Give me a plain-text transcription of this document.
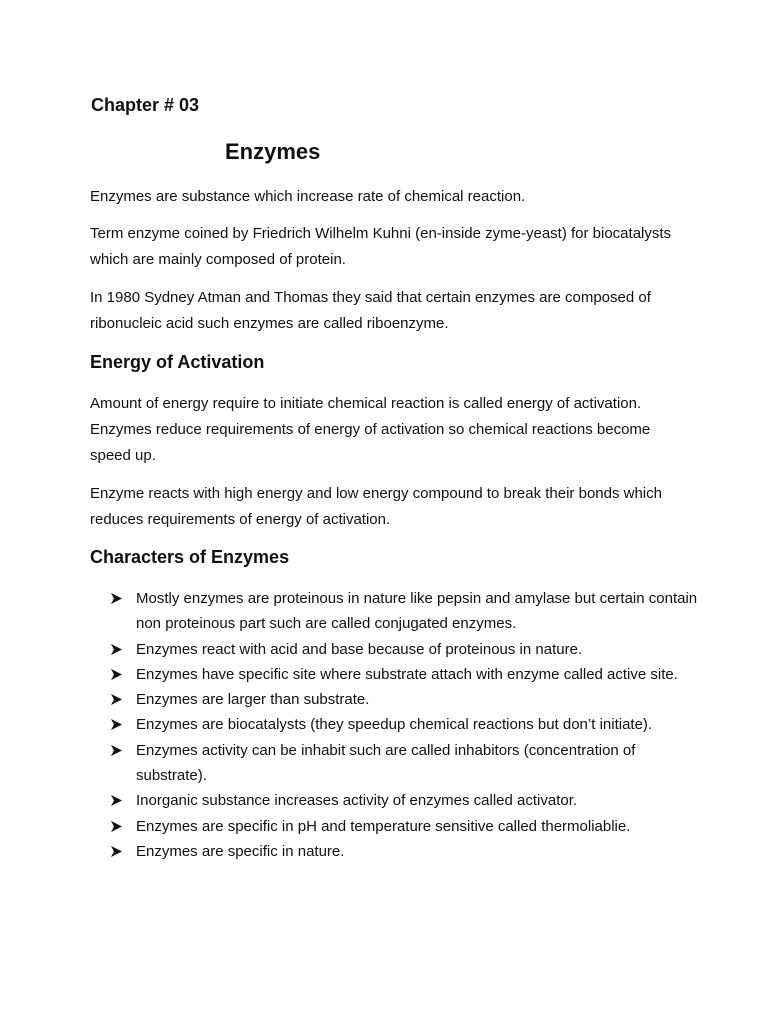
Chapter # 03
Enzymes

Enzymes are substance which increase rate of chemical reaction.

Term enzyme coined by Friedrich Wilhelm Kuhni (en-inside zyme-yeast) for biocatalysts which are mainly composed of protein.

In 1980 Sydney Atman and Thomas they said that certain enzymes are composed of ribonucleic acid such enzymes are called riboenzyme.

Energy of Activation

Amount of energy require to initiate chemical reaction is called energy of activation. Enzymes reduce requirements of energy of activation so chemical reactions become speed up.

Enzyme reacts with high energy and low energy compound to break their bonds which reduces requirements of energy of activation.

Characters of Enzymes
Mostly enzymes are proteinous in nature like pepsin and amylase but certain contain non proteinous part such are called conjugated enzymes.
Enzymes react with acid and base because of proteinous in nature.
Enzymes have specific site where substrate attach with enzyme called active site.
Enzymes are larger than substrate.
Enzymes are biocatalysts (they speedup chemical reactions but don’t initiate).
Enzymes activity can be inhabit such are called inhabitors (concentration of substrate).
Inorganic substance increases activity of enzymes called activator.
Enzymes are specific in pH and temperature sensitive called thermoliablie.
Enzymes are specific in nature.
